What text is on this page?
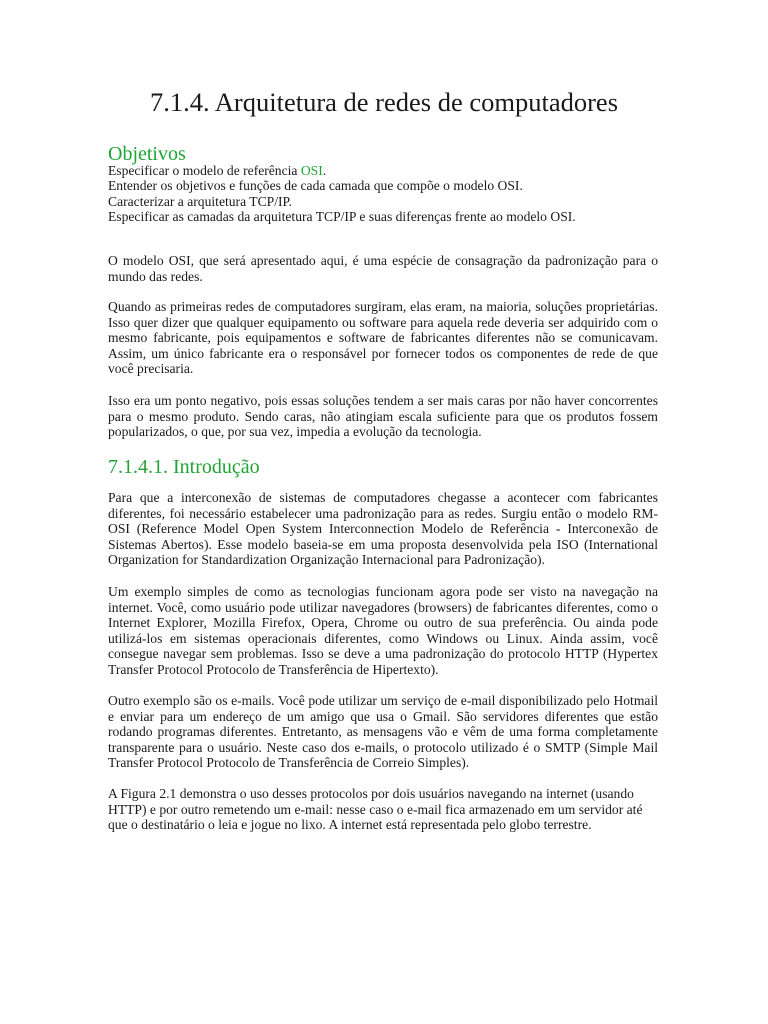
7.1.4. Arquitetura de redes de computadores
Objetivos
Especificar o modelo de referência OSI.
Entender os objetivos e funções de cada camada que compõe o modelo OSI.
Caracterizar a arquitetura TCP/IP.
Especificar as camadas da arquitetura TCP/IP e suas diferenças frente ao modelo OSI.
O modelo OSI, que será apresentado aqui, é uma espécie de consagração da padronização para o mundo das redes.
Quando as primeiras redes de computadores surgiram, elas eram, na maioria, soluções proprietárias. Isso quer dizer que qualquer equipamento ou software para aquela rede deveria ser adquirido com o mesmo fabricante, pois equipamentos e software de fabricantes diferentes não se comunicavam. Assim, um único fabricante era o responsável por fornecer todos os componentes de rede de que você precisaria.
Isso era um ponto negativo, pois essas soluções tendem a ser mais caras por não haver concorrentes para o mesmo produto. Sendo caras, não atingiam escala suficiente para que os produtos fossem popularizados, o que, por sua vez, impedia a evolução da tecnologia.
7.1.4.1. Introdução
Para que a interconexão de sistemas de computadores chegasse a acontecer com fabricantes diferentes, foi necessário estabelecer uma padronização para as redes. Surgiu então o modelo RM-OSI (Reference Model Open System Interconnection Modelo de Referência - Interconexão de Sistemas Abertos). Esse modelo baseia-se em uma proposta desenvolvida pela ISO (International Organization for Standardization Organização Internacional para Padronização).
Um exemplo simples de como as tecnologias funcionam agora pode ser visto na navegação na internet. Você, como usuário pode utilizar navegadores (browsers) de fabricantes diferentes, como o Internet Explorer, Mozilla Firefox, Opera, Chrome ou outro de sua preferência. Ou ainda pode utilizá-los em sistemas operacionais diferentes, como Windows ou Linux. Ainda assim, você consegue navegar sem problemas. Isso se deve a uma padronização do protocolo HTTP (Hypertex Transfer Protocol Protocolo de Transferência de Hipertexto).
Outro exemplo são os e-mails. Você pode utilizar um serviço de e-mail disponibilizado pelo Hotmail e enviar para um endereço de um amigo que usa o Gmail. São servidores diferentes que estão rodando programas diferentes. Entretanto, as mensagens vão e vêm de uma forma completamente transparente para o usuário. Neste caso dos e-mails, o protocolo utilizado é o SMTP (Simple Mail Transfer Protocol Protocolo de Transferência de Correio Simples).
A Figura 2.1 demonstra o uso desses protocolos por dois usuários navegando na internet (usando HTTP) e por outro remetendo um e-mail: nesse caso o e-mail fica armazenado em um servidor até que o destinatário o leia e jogue no lixo. A internet está representada pelo globo terrestre.
